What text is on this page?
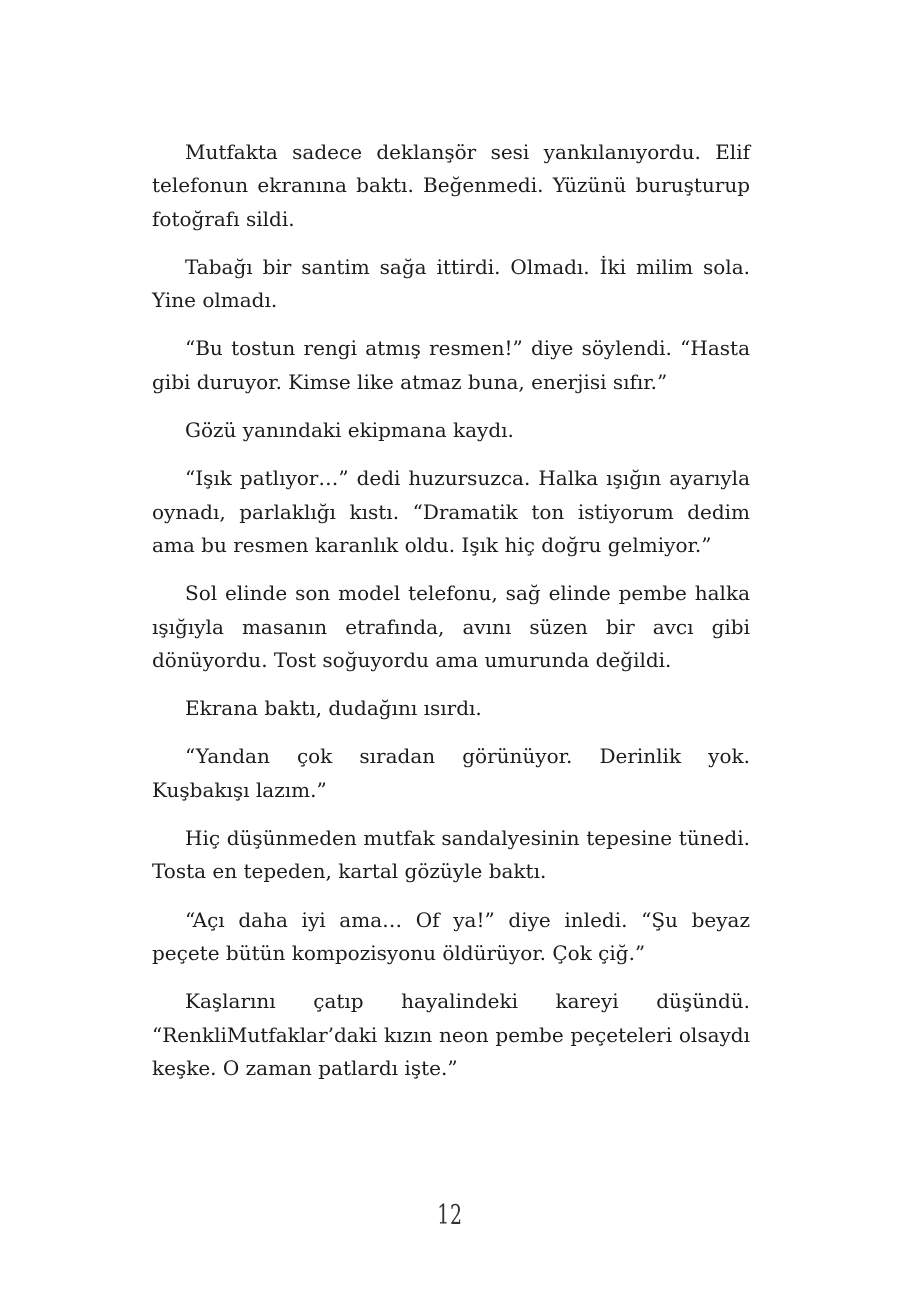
Mutfakta sadece deklanşör sesi yankılanıyordu. Elif telefonun ekranına baktı. Beğenmedi. Yüzünü buruşturup fotoğrafı sildi.

Tabağı bir santim sağa ittirdi. Olmadı. İki milim sola. Yine olmadı.

“Bu tostun rengi atmış resmen!” diye söylendi. “Hasta gibi duruyor. Kimse like atmaz buna, enerjisi sıfır.”

Gözü yanındaki ekipmana kaydı.

“Işık patlıyor…” dedi huzursuzca. Halka ışığın ayarıyla oynadı, parlaklığı kıstı. “Dramatik ton istiyorum dedim ama bu resmen karanlık oldu. Işık hiç doğru gelmiyor.”

Sol elinde son model telefonu, sağ elinde pembe halka ışığıyla masanın etrafında, avını süzen bir avcı gibi dönüyordu. Tost soğuyordu ama umurunda değildi.

Ekrana baktı, dudağını ısırdı.

“Yandan çok sıradan görünüyor. Derinlik yok. Kuşbakışı lazım.”

Hiç düşünmeden mutfak sandalyesinin tepesine tünedi. Tosta en tepeden, kartal gözüyle baktı.

“Açı daha iyi ama… Of ya!” diye inledi. “Şu beyaz peçete bütün kompozisyonu öldürüyor. Çok çiğ.”

Kaşlarını çatıp hayalindeki kareyi düşündü. “RenkliMutfaklar’daki kızın neon pembe peçeteleri olsaydı keşke. O zaman patlardı işte.”

12
